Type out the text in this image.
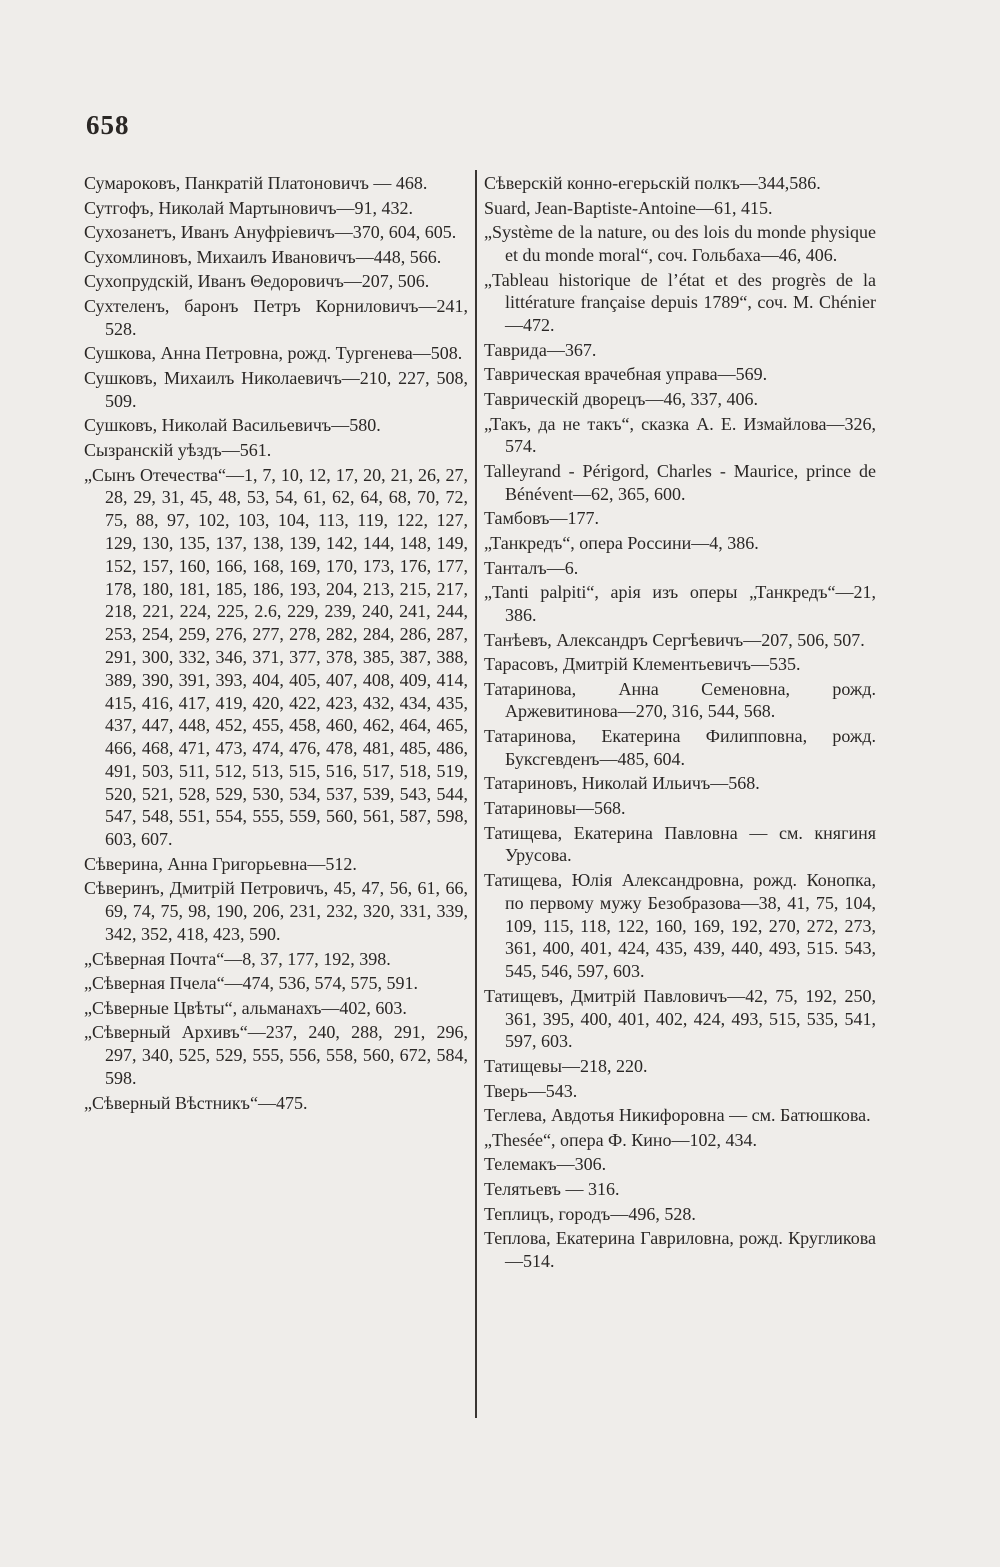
658

Сумароковъ, Панкратій Платоновичъ — 468.

Сутгофъ, Николай Мартыновичъ—91, 432.

Сухозанетъ, Иванъ Ануфріевичъ—370, 604, 605.

Сухомлиновъ, Михаилъ Ивановичъ—448, 566.

Сухопрудскій, Иванъ Θедоровичъ—207, 506.

Сухтеленъ, баронъ Петръ Корниловичъ—241, 528.

Сушкова, Анна Петровна, рожд. Тургенева—508.

Сушковъ, Михаилъ Николаевичъ—210, 227, 508, 509.

Сушковъ, Николай Васильевичъ—580.

Сызранскій уѣздъ—561.

„Сынъ Отечества“—1, 7, 10, 12, 17, 20, 21, 26, 27, 28, 29, 31, 45, 48, 53, 54, 61, 62, 64, 68, 70, 72, 75, 88, 97, 102, 103, 104, 113, 119, 122, 127, 129, 130, 135, 137, 138, 139, 142, 144, 148, 149, 152, 157, 160, 166, 168, 169, 170, 173, 176, 177, 178, 180, 181, 185, 186, 193, 204, 213, 215, 217, 218, 221, 224, 225, 2.6, 229, 239, 240, 241, 244, 253, 254, 259, 276, 277, 278, 282, 284, 286, 287, 291, 300, 332, 346, 371, 377, 378, 385, 387, 388, 389, 390, 391, 393, 404, 405, 407, 408, 409, 414, 415, 416, 417, 419, 420, 422, 423, 432, 434, 435, 437, 447, 448, 452, 455, 458, 460, 462, 464, 465, 466, 468, 471, 473, 474, 476, 478, 481, 485, 486, 491, 503, 511, 512, 513, 515, 516, 517, 518, 519, 520, 521, 528, 529, 530, 534, 537, 539, 543, 544, 547, 548, 551, 554, 555, 559, 560, 561, 587, 598, 603, 607.

Сѣверина, Анна Григорьевна—512.

Сѣверинъ, Дмитрій Петровичъ, 45, 47, 56, 61, 66, 69, 74, 75, 98, 190, 206, 231, 232, 320, 331, 339, 342, 352, 418, 423, 590.

„Сѣверная Почта“—8, 37, 177, 192, 398.

„Сѣверная Пчела“—474, 536, 574, 575, 591.

„Сѣверные Цвѣты“, альманахъ—402, 603.

„Сѣверный Архивъ“—237, 240, 288, 291, 296, 297, 340, 525, 529, 555, 556, 558, 560, 672, 584, 598.

„Сѣверный Вѣстникъ“—475.

Сѣверскій конно-егерьскій полкъ—344,586.

Suard, Jean-Baptiste-Antoine—61, 415.

„Système de la nature, ou des lois du monde physique et du monde moral“, соч. Гольбаха—46, 406.

„Tableau historique de l’état et des progrès de la littérature française depuis 1789“, соч. M. Chénier—472.

Таврида—367.

Таврическая врачебная управа—569.

Таврическій дворецъ—46, 337, 406.

„Такъ, да не такъ“, сказка А. Е. Измайлова—326, 574.

Talleyrand - Périgord, Charles - Maurice, prince de Bénévent—62, 365, 600.

Тамбовъ—177.

„Танкредъ“, опера Россини—4, 386.

Танталъ—6.

„Tanti palpiti“, арія изъ оперы „Танкредъ“—21, 386.

Танѣевъ, Александръ Сергѣевичъ—207, 506, 507.

Тарасовъ, Дмитрій Клементьевичъ—535.

Татаринова, Анна Семеновна, рожд. Аржевитинова—270, 316, 544, 568.

Татаринова, Екатерина Филипповна, рожд. Буксгевденъ—485, 604.

Татариновъ, Николай Ильичъ—568.

Татариновы—568.

Татищева, Екатерина Павловна — см. княгиня Урусова.

Татищева, Юлія Александровна, рожд. Конопка, по первому мужу Безобразова—38, 41, 75, 104, 109, 115, 118, 122, 160, 169, 192, 270, 272, 273, 361, 400, 401, 424, 435, 439, 440, 493, 515. 543, 545, 546, 597, 603.

Татищевъ, Дмитрій Павловичъ—42, 75, 192, 250, 361, 395, 400, 401, 402, 424, 493, 515, 535, 541, 597, 603.

Татищевы—218, 220.

Тверь—543.

Теглева, Авдотья Никифоровна — см. Батюшкова.

„Thesée“, опера Ф. Кино—102, 434.

Телемакъ—306.

Телятьевъ — 316.

Теплицъ, городъ—496, 528.

Теплова, Екатерина Гавриловна, рожд. Кругликова—514.
